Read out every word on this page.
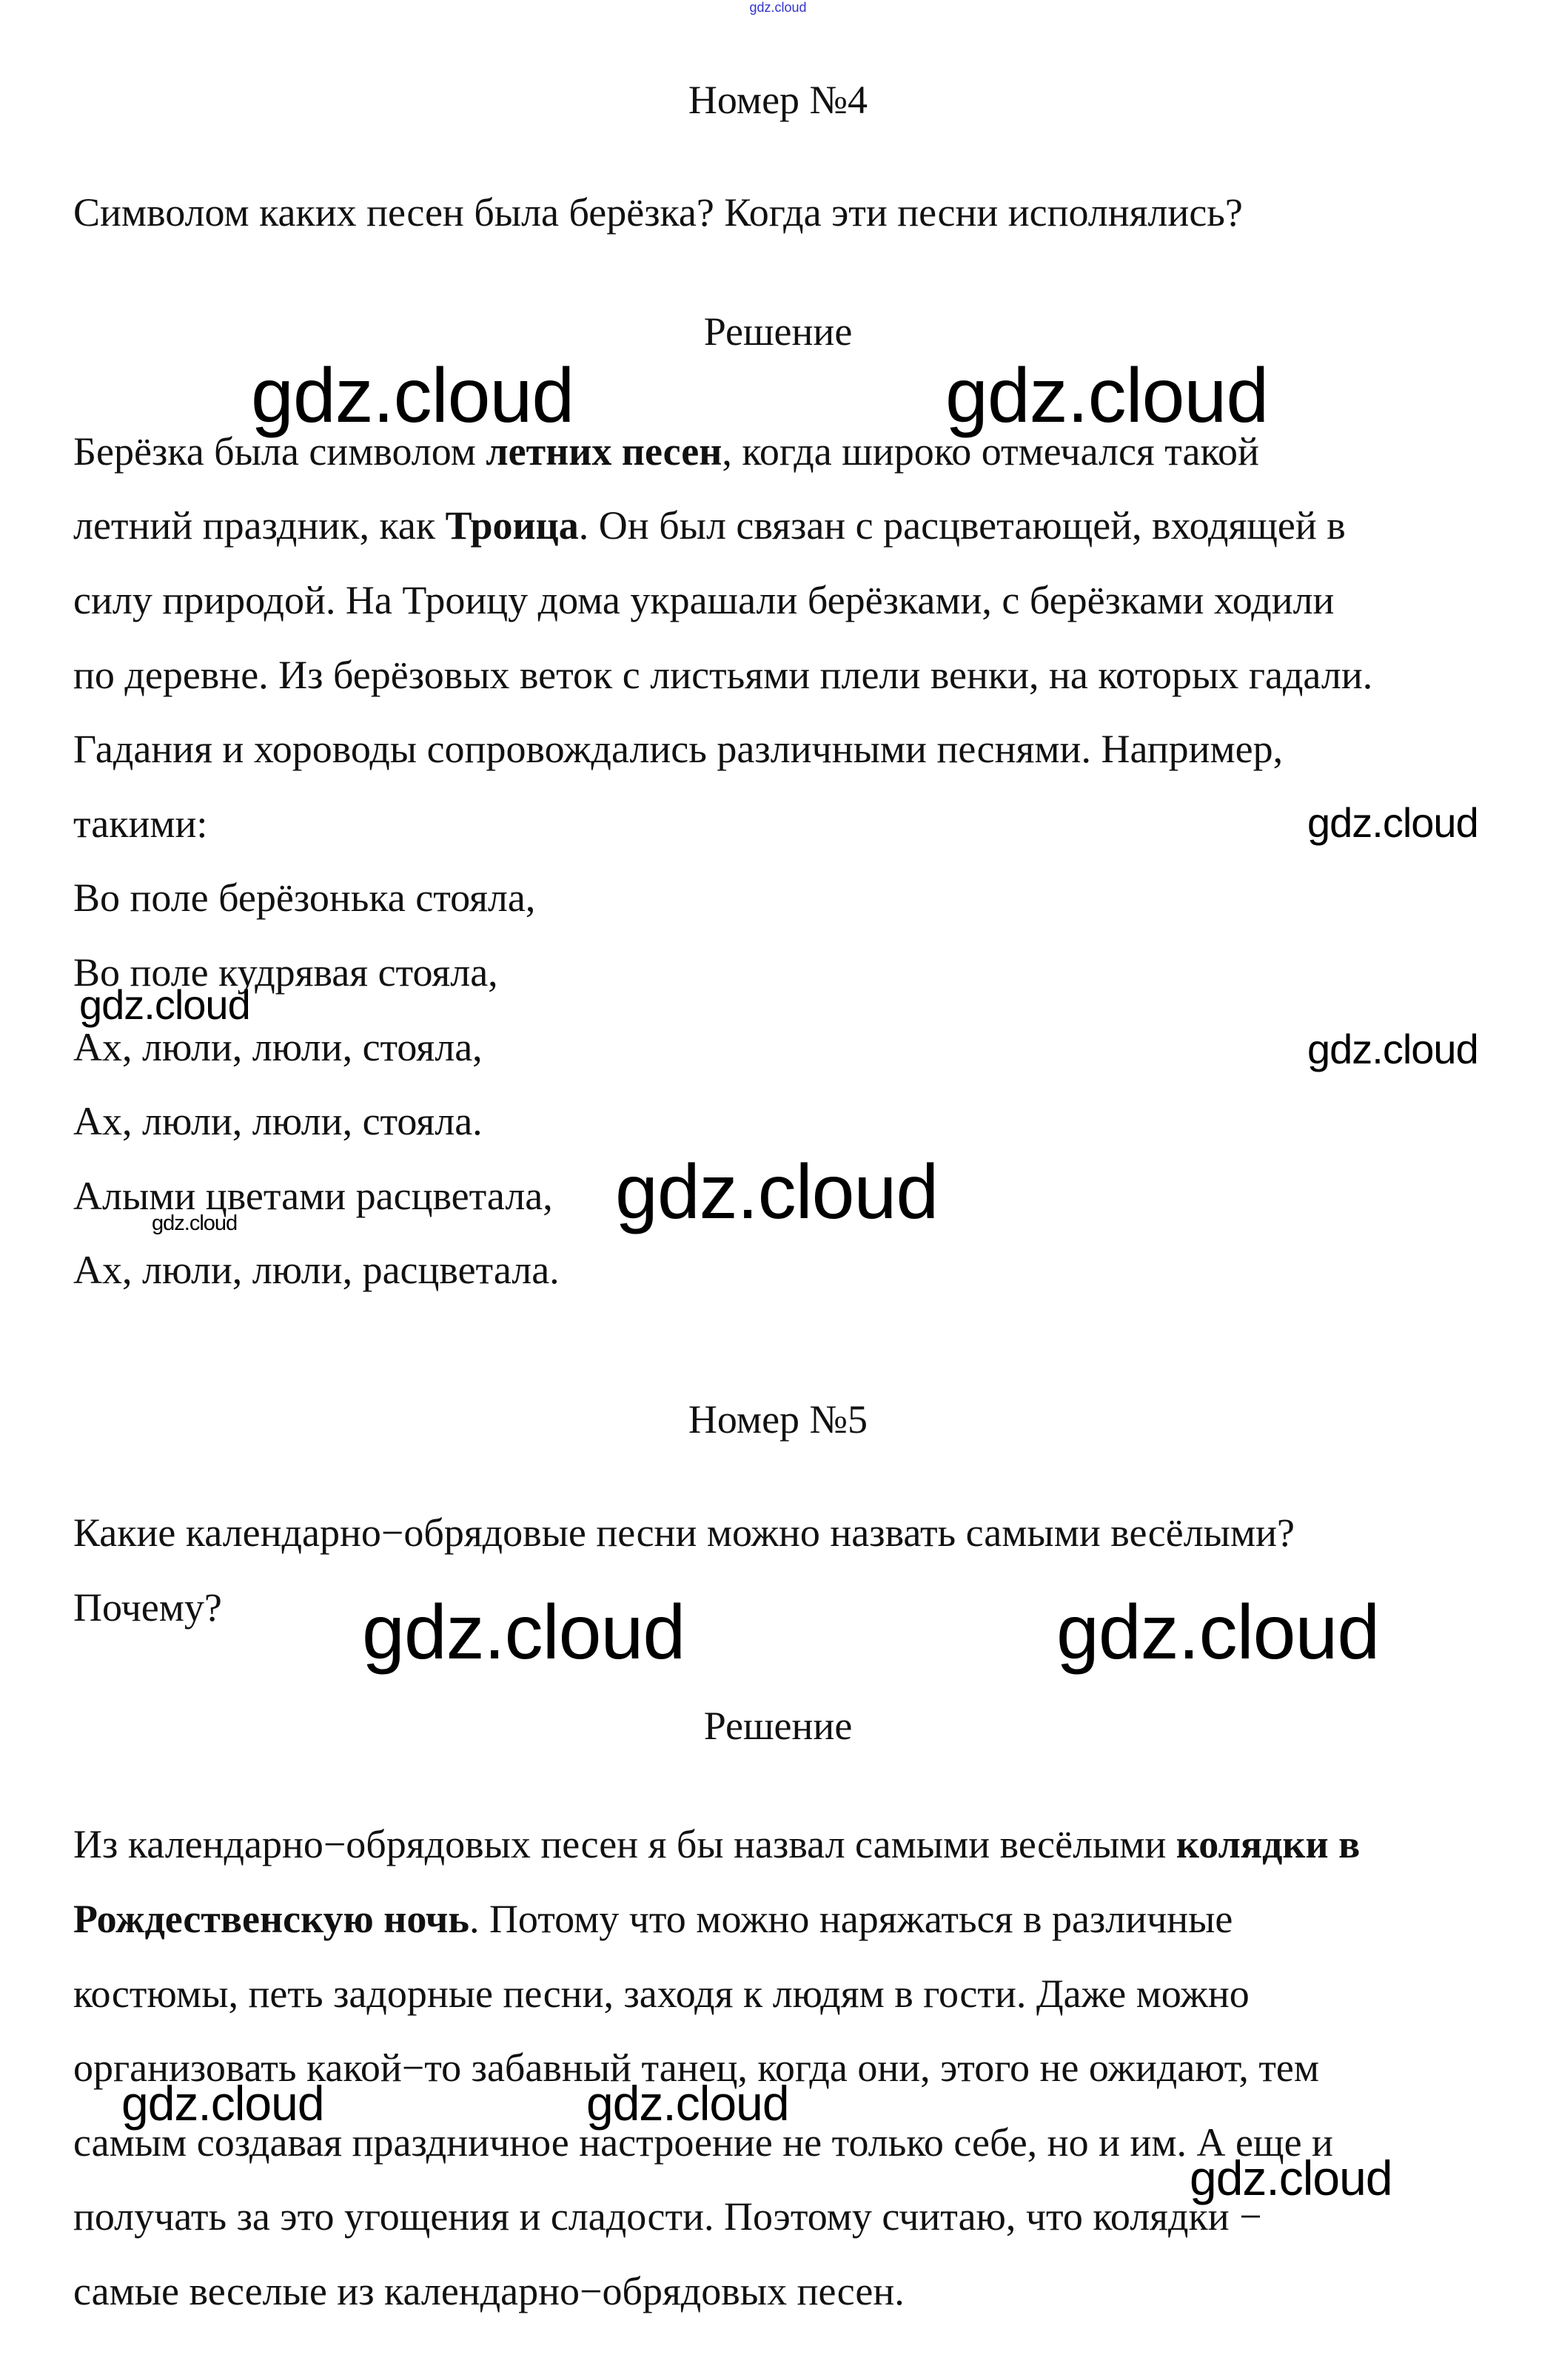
gdz.cloud
Номер №4
Символом каких песен была берёзка? Когда эти песни исполнялись?
Решение
Берёзка была символом летних песен, когда широко отмечался такой
летний праздник, как Троица. Он был связан с расцветающей, входящей в
силу природой. На Троицу дома украшали берёзками, с берёзками ходили
по деревне. Из берёзовых веток с листьями плели венки, на которых гадали.
Гадания и хороводы сопровождались различными песнями. Например,
такими:
Во поле берёзонька стояла,
Во поле кудрявая стояла,
Ах, люли, люли, стояла,
Ах, люли, люли, стояла.
Алыми цветами расцветала,
Ах, люли, люли, расцветала.
Номер №5
Какие календарно−обрядовые песни можно назвать самыми весёлыми?
Почему?
Решение
Из календарно−обрядовых песен я бы назвал самыми весёлыми колядки в
Рождественскую ночь. Потому что можно наряжаться в различные
костюмы, петь задорные песни, заходя к людям в гости. Даже можно
организовать какой−то забавный танец, когда они, этого не ожидают, тем
самым создавая праздничное настроение не только себе, но и им. А еще и
получать за это угощения и сладости. Поэтому считаю, что колядки −
самые веселые из календарно−обрядовых песен.
gdz.cloud	gdz.cloud
gdz.cloud
gdz.cloud
gdz.cloud
gdz.cloud
gdz.cloud
gdz.cloud	gdz.cloud
gdz.cloud	gdz.cloud
gdz.cloud
